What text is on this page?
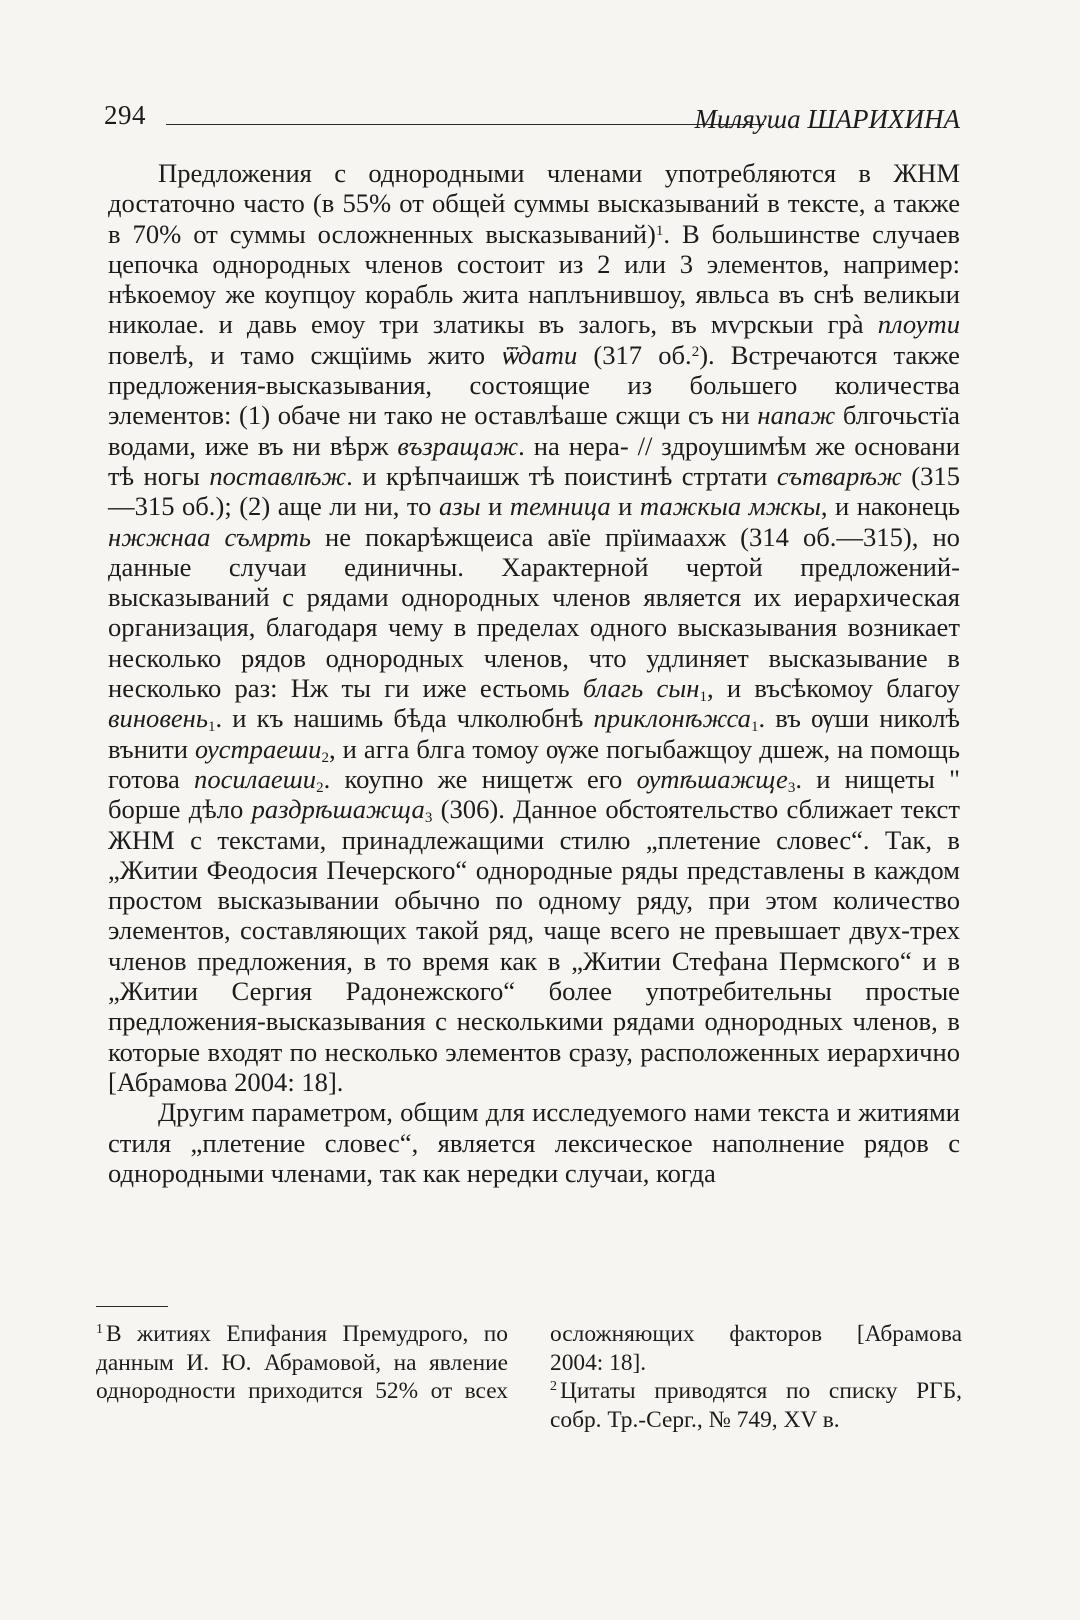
294	Миляуша ШАРИХИНА

Предложения с однородными членами употребляются в ЖНМ достаточно часто (в 55% от общей суммы высказываний в тексте, а также в 70% от суммы осложненных высказываний)$^1$. В большинстве случаев цепочка однородных членов состоит из 2 или 3 элементов, например: нѣкоемоу же коупцоу корабль жита наплънившоу, явльса въ снѣ великыи николае. и давь емоу три златикы въ залогь, въ мѵрскыи грà плоути повелѣ, и тамо сжщїимь жито ѿдати (317 об.$^2$). Встречаются также предложения-высказывания, состоящие из большего количества элементов: (1) обаче ни тако не оставлѣаше сжщи съ ни напаж блгочьстїа водами, иже въ ни вѣрж възращаж. на нера- // здроушимѣм же основани тѣ ногы поставлѣж. и крѣпчаишж тѣ поистинѣ стртати сътварѣж (315—315 об.); (2) аще ли ни, то азы и темница и тажкыа мжкы, и наконець нжжнаа съмрть не покарѣжщеиса авїе прїимаахж (314 об.—315), но данные случаи единичны. Характерной чертой предложений-высказываний с рядами однородных членов является их иерархическая организация, благодаря чему в пределах одного высказывания возникает несколько рядов однородных членов, что удлиняет высказывание в несколько раз: Нж ты ги иже естьомь благь сын$_1$, и въсѣкомоу благоу виновень$_1$. и къ нашимь бѣда члколюбнѣ приклонѣжса$_1$. въ ѹши николѣ вънити ѹстраеши$_2$, и агга блга томоу ѹже погыбажщоу дшеж, на помощь готова посилаеши$_2$. коупно же нищетж его ѹтѣшажще$_3$. и нищеты " борше дѣло раздрѣшажща$_3$ (306). Данное обстоятельство сближает текст ЖНМ с текстами, принадлежащими стилю „плетение словес“. Так, в „Житии Феодосия Печерского“ однородные ряды представлены в каждом простом высказывании обычно по одному ряду, при этом количество элементов, составляющих такой ряд, чаще всего не превышает двух-трех членов предложения, в то время как в „Житии Стефана Пермского“ и в „Житии Сергия Радонежского“ более употребительны простые предложения-высказывания с несколькими рядами однородных членов, в которые входят по несколько элементов сразу, расположенных иерархично [Абрамова 2004: 18].

Другим параметром, общим для исследуемого нами текста и житиями стиля „плетение словес“, является лексическое наполнение рядов с однородными членами, так как нередки случаи, когда

$^1$ В житиях Епифания Премудрого, по данным И. Ю. Абрамовой, на явление однородности приходится 52% от всех осложняющих факторов [Абрамова 2004: 18].

$^2$ Цитаты приводятся по списку РГБ, собр. Тр.-Серг., № 749, XV в.
